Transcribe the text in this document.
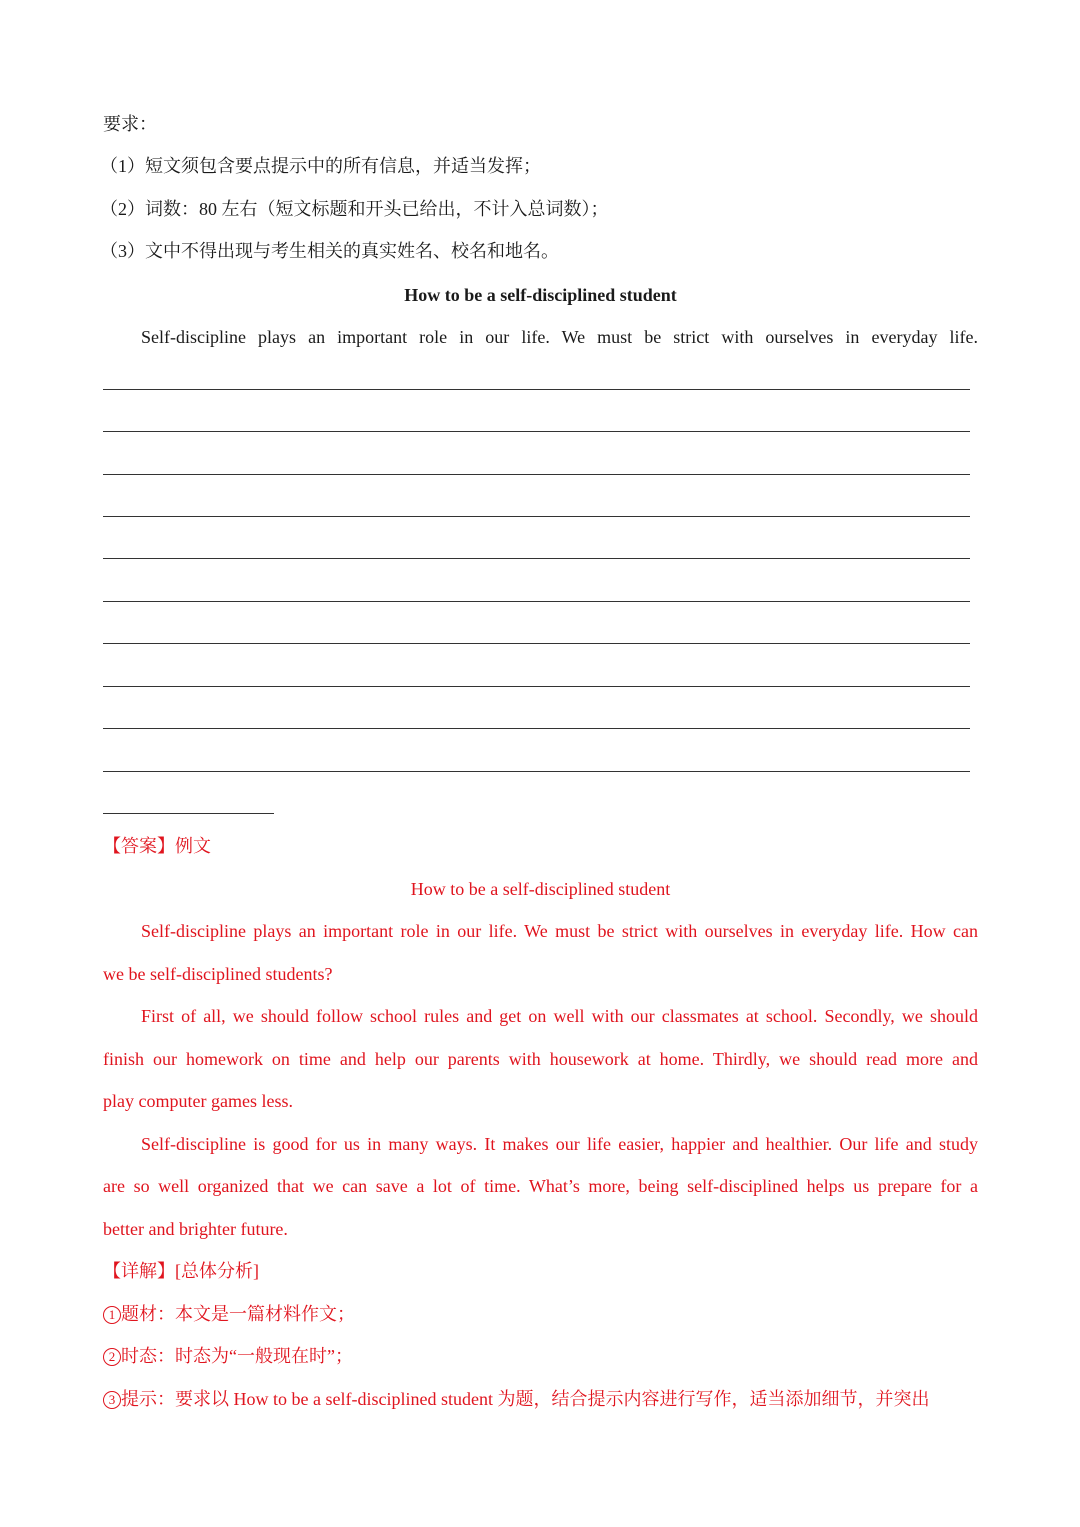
要求：
（1）短文须包含要点提示中的所有信息，并适当发挥；
（2）词数：80 左右（短文标题和开头已给出，不计入总词数）；
（3）文中不得出现与考生相关的真实姓名、校名和地名。
How to be a self-disciplined student
Self-discipline plays an important role in our life. We must be strict with ourselves in everyday life.
【答案】例文
How to be a self-disciplined student
Self-discipline plays an important role in our life. We must be strict with ourselves in everyday life. How can
we be self-disciplined students?
First of all, we should follow school rules and get on well with our classmates at school. Secondly, we should
finish our homework on time and help our parents with housework at home. Thirdly, we should read more and
play computer games less.
Self-discipline is good for us in many ways. It makes our life easier, happier and healthier. Our life and study
are so well organized that we can save a lot of time. What’s more, being self-disciplined helps us prepare for a
better and brighter future.
【详解】[总体分析]
1 题材：本文是一篇材料作文；
2 时态：时态为“一般现在时”；
3 提示：要求以 How to be a self-disciplined student 为题，结合提示内容进行写作，适当添加细节，并突出
